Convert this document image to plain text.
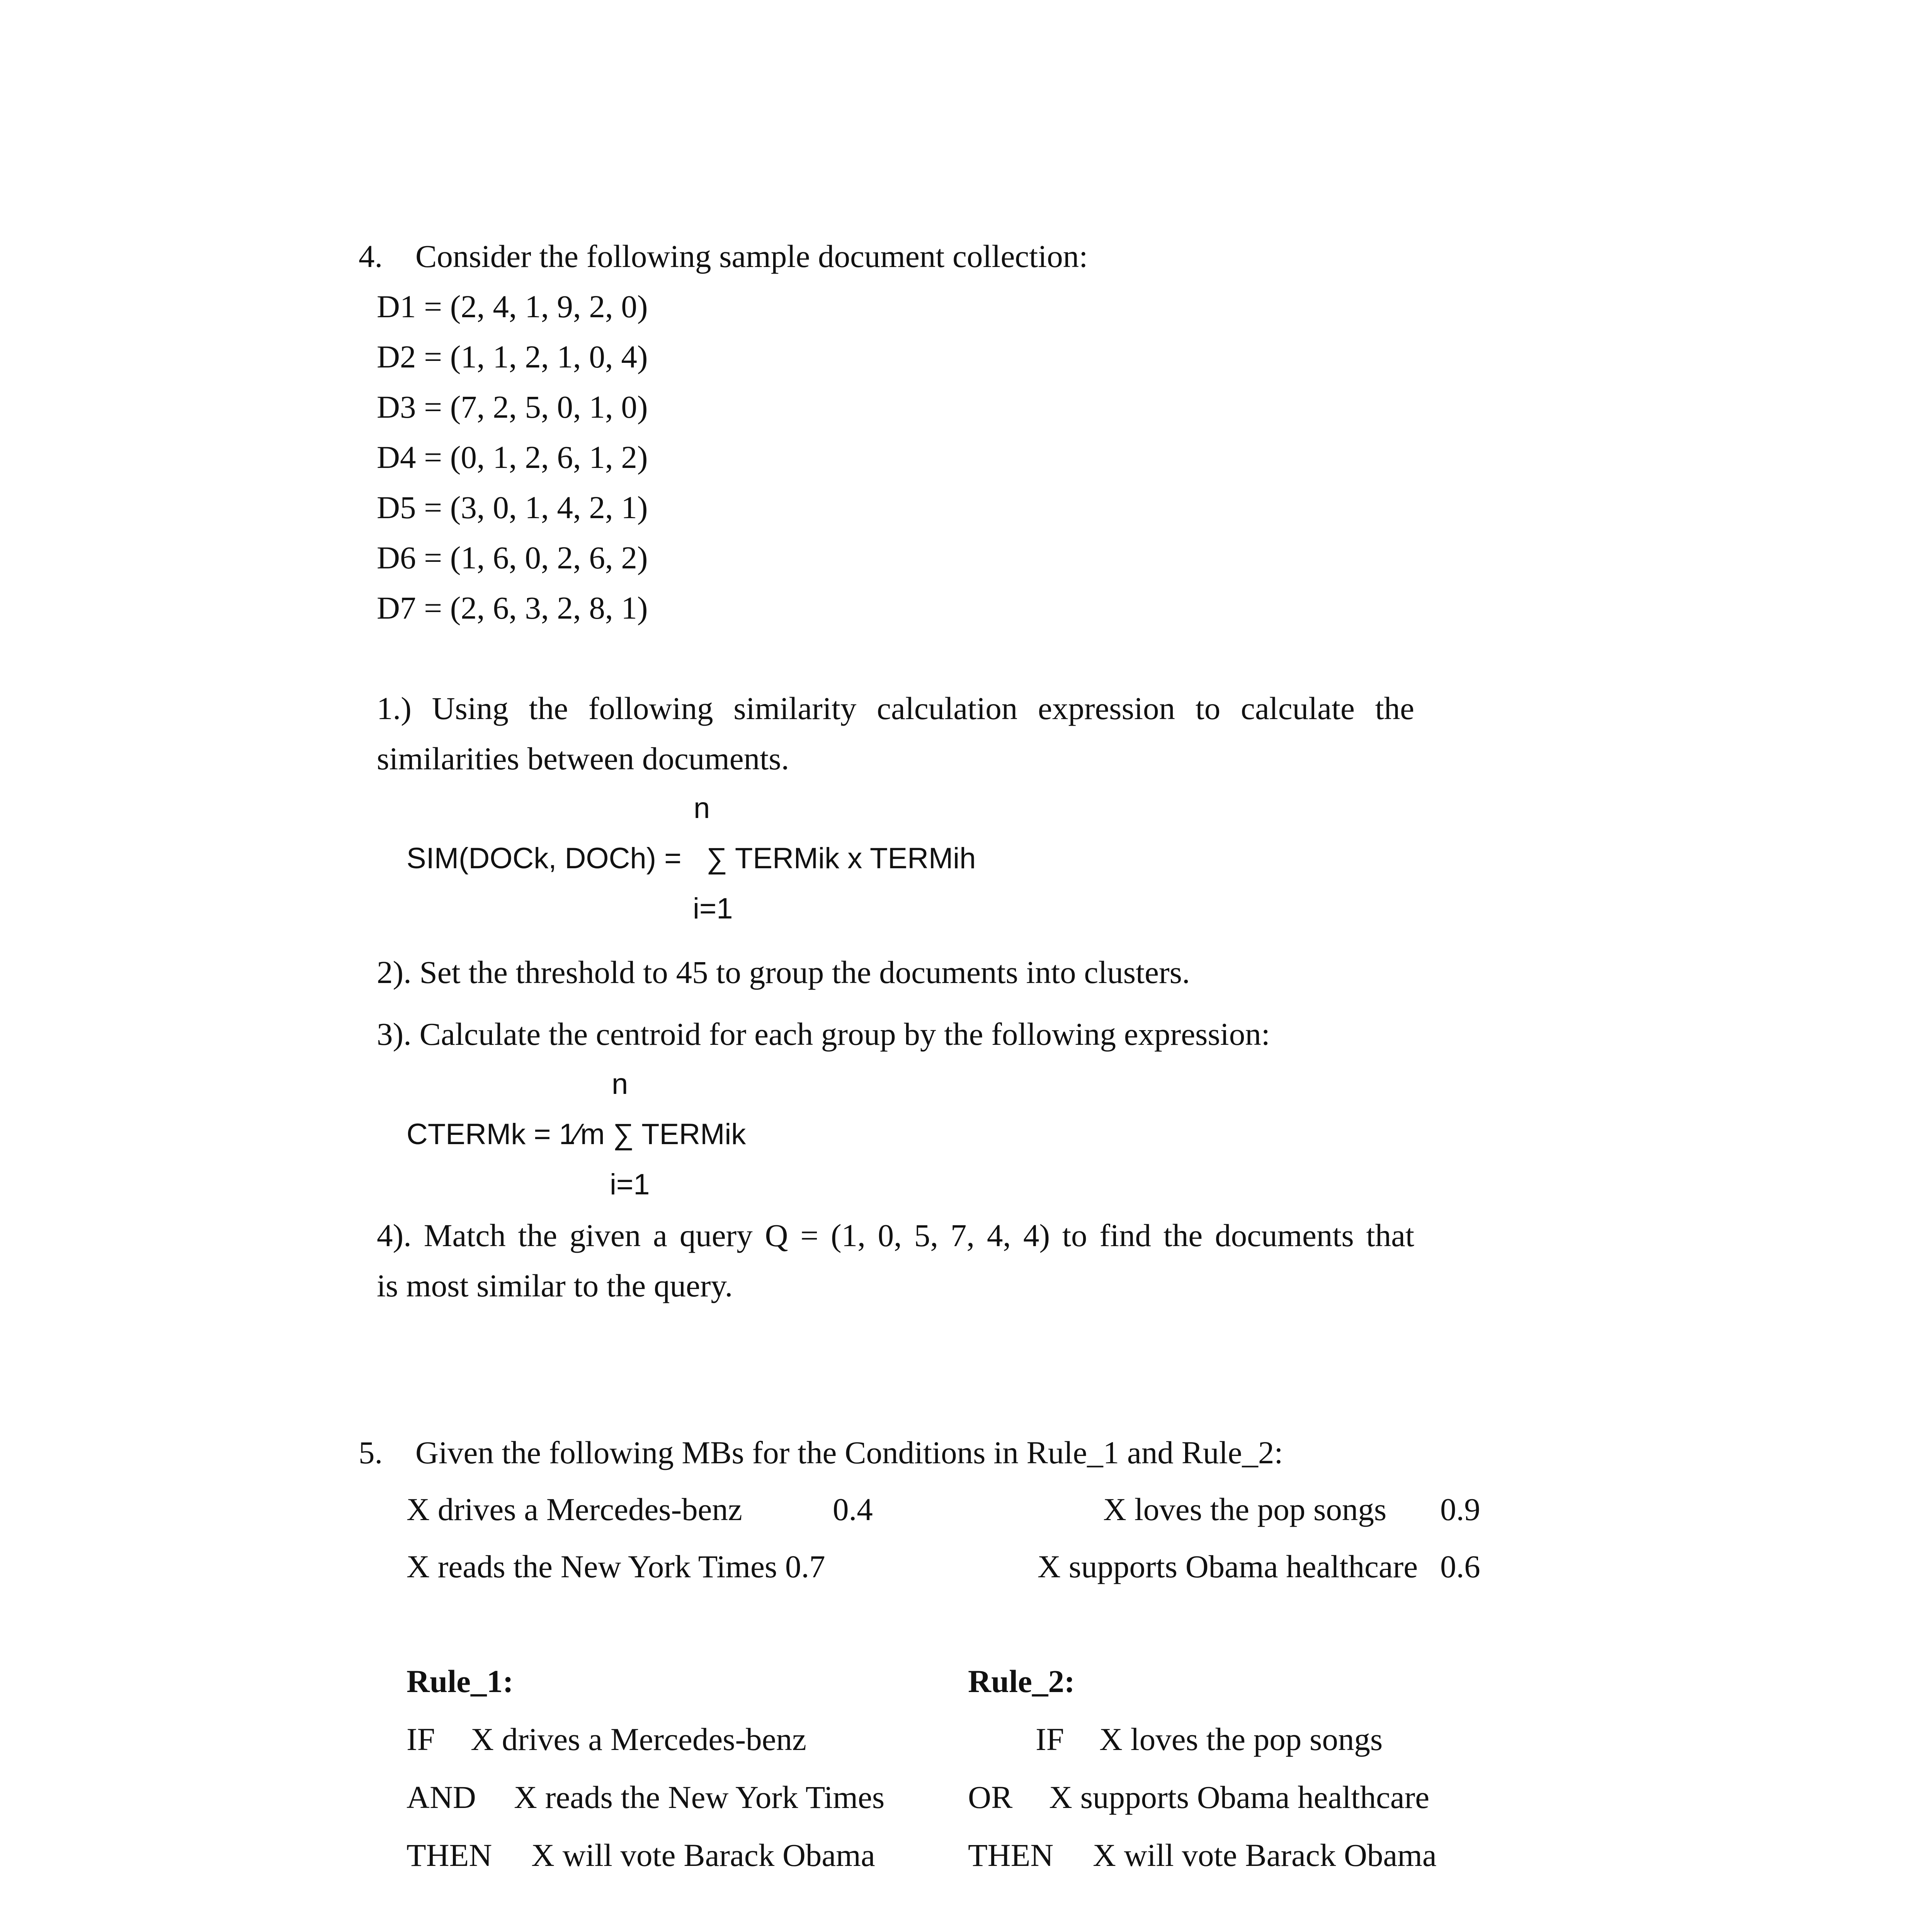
4. Consider the following sample document collection:
D1 = (2, 4, 1, 9, 2, 0)
D2 = (1, 1, 2, 1, 0, 4)
D3 = (7, 2, 5, 0, 1, 0)
D4 = (0, 1, 2, 6, 1, 2)
D5 = (3, 0, 1, 4, 2, 1)
D6 = (1, 6, 0, 2, 6, 2)
D7 = (2, 6, 3, 2, 8, 1)
1.) Using the following similarity calculation expression to calculate the
similarities between documents.
n
SIM(DOCk, DOCh) = ∑ TERMik x TERMih
i=1
2). Set the threshold to 45 to group the documents into clusters.
3). Calculate the centroid for each group by the following expression:
n
CTERMk = 1⁄m ∑ TERMik
i=1
4). Match the given a query Q = (1, 0, 5, 7, 4, 4) to find the documents that
is most similar to the query.
5. Given the following MBs for the Conditions in Rule_1 and Rule_2:
X drives a Mercedes-benz	0.4	X loves the pop songs 0.9
X reads the New York Times 0.7	X supports Obama healthcare 0.6
Rule_1:	Rule_2:
IF X drives a Mercedes-benz	IF X loves the pop songs
AND X reads the New York Times	OR X supports Obama healthcare
THEN X will vote Barack Obama	THEN X will vote Barack Obama
